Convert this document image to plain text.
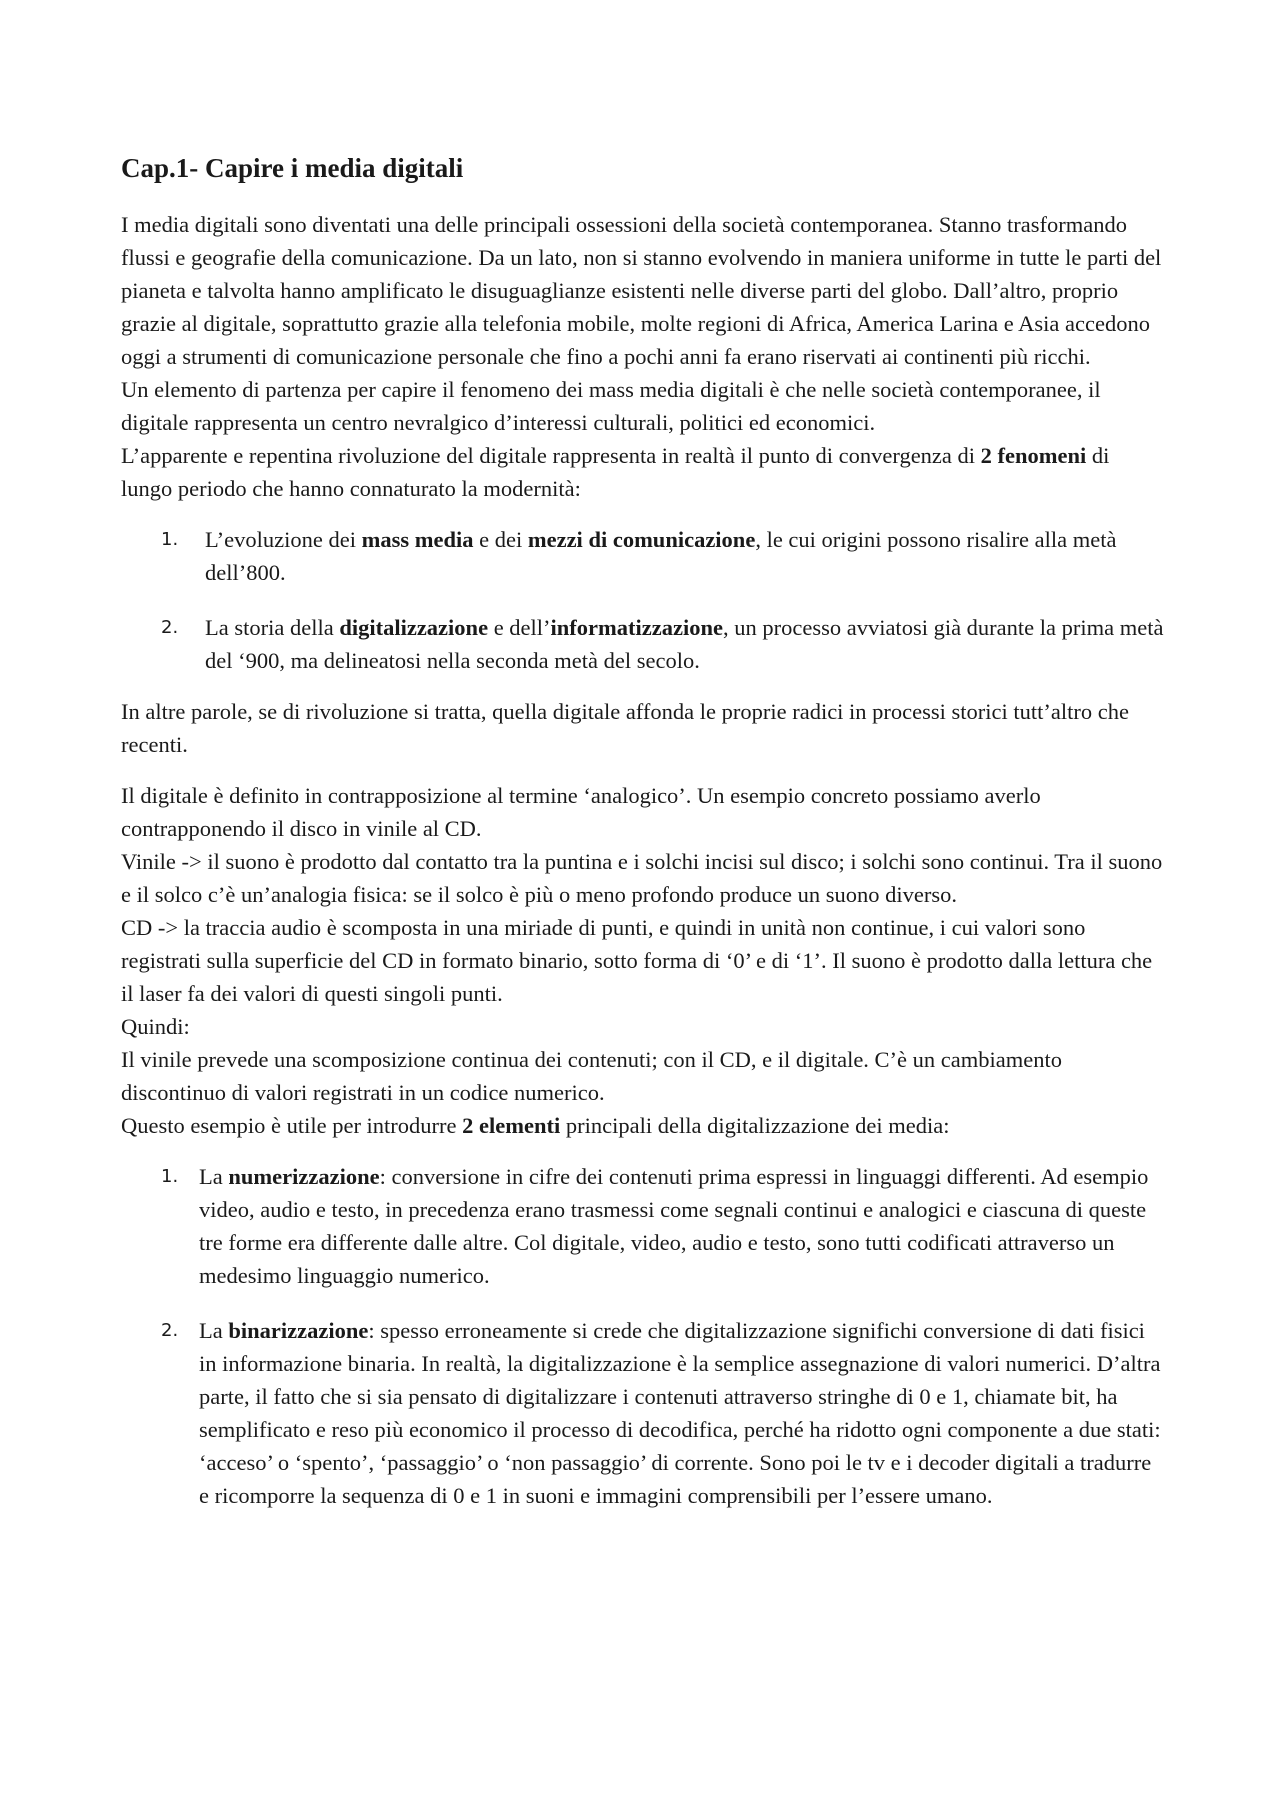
Cap.1- Capire i media digitali

I media digitali sono diventati una delle principali ossessioni della società contemporanea. Stanno trasformando flussi e geografie della comunicazione. Da un lato, non si stanno evolvendo in maniera uniforme in tutte le parti del pianeta e talvolta hanno amplificato le disuguaglianze esistenti nelle diverse parti del globo. Dall’altro, proprio grazie al digitale, soprattutto grazie alla telefonia mobile, molte regioni di Africa, America Larina e Asia accedono oggi a strumenti di comunicazione personale che fino a pochi anni fa erano riservati ai continenti più ricchi.

Un elemento di partenza per capire il fenomeno dei mass media digitali è che nelle società contemporanee, il digitale rappresenta un centro nevralgico d’interessi culturali, politici ed economici.

L’apparente e repentina rivoluzione del digitale rappresenta in realtà il punto di convergenza di 2 fenomeni di lungo periodo che hanno connaturato la modernità:

1. L’evoluzione dei mass media e dei mezzi di comunicazione, le cui origini possono risalire alla metà dell’800.
2. La storia della digitalizzazione e dell’informatizzazione, un processo avviatosi già durante la prima metà del ‘900, ma delineatosi nella seconda metà del secolo.

In altre parole, se di rivoluzione si tratta, quella digitale affonda le proprie radici in processi storici tutt’altro che recenti.

Il digitale è definito in contrapposizione al termine ‘analogico’. Un esempio concreto possiamo averlo contrapponendo il disco in vinile al CD.

Vinile -> il suono è prodotto dal contatto tra la puntina e i solchi incisi sul disco; i solchi sono continui. Tra il suono e il solco c’è un’analogia fisica: se il solco è più o meno profondo produce un suono diverso.

CD -> la traccia audio è scomposta in una miriade di punti, e quindi in unità non continue, i cui valori sono registrati sulla superficie del CD in formato binario, sotto forma di ‘0’ e di ‘1’. Il suono è prodotto dalla lettura che il laser fa dei valori di questi singoli punti.

Quindi:

Il vinile prevede una scomposizione continua dei contenuti; con il CD, e il digitale. C’è un cambiamento discontinuo di valori registrati in un codice numerico.

Questo esempio è utile per introdurre 2 elementi principali della digitalizzazione dei media:

1. La numerizzazione: conversione in cifre dei contenuti prima espressi in linguaggi differenti. Ad esempio video, audio e testo, in precedenza erano trasmessi come segnali continui e analogici e ciascuna di queste tre forme era differente dalle altre. Col digitale, video, audio e testo, sono tutti codificati attraverso un medesimo linguaggio numerico.
2. La binarizzazione: spesso erroneamente si crede che digitalizzazione significhi conversione di dati fisici in informazione binaria. In realtà, la digitalizzazione è la semplice assegnazione di valori numerici. D’altra parte, il fatto che si sia pensato di digitalizzare i contenuti attraverso stringhe di 0 e 1, chiamate bit, ha semplificato e reso più economico il processo di decodifica, perché ha ridotto ogni componente a due stati: ‘acceso’ o ‘spento’, ‘passaggio’ o ‘non passaggio’ di corrente. Sono poi le tv e i decoder digitali a tradurre e ricomporre la sequenza di 0 e 1 in suoni e immagini comprensibili per l’essere umano.
